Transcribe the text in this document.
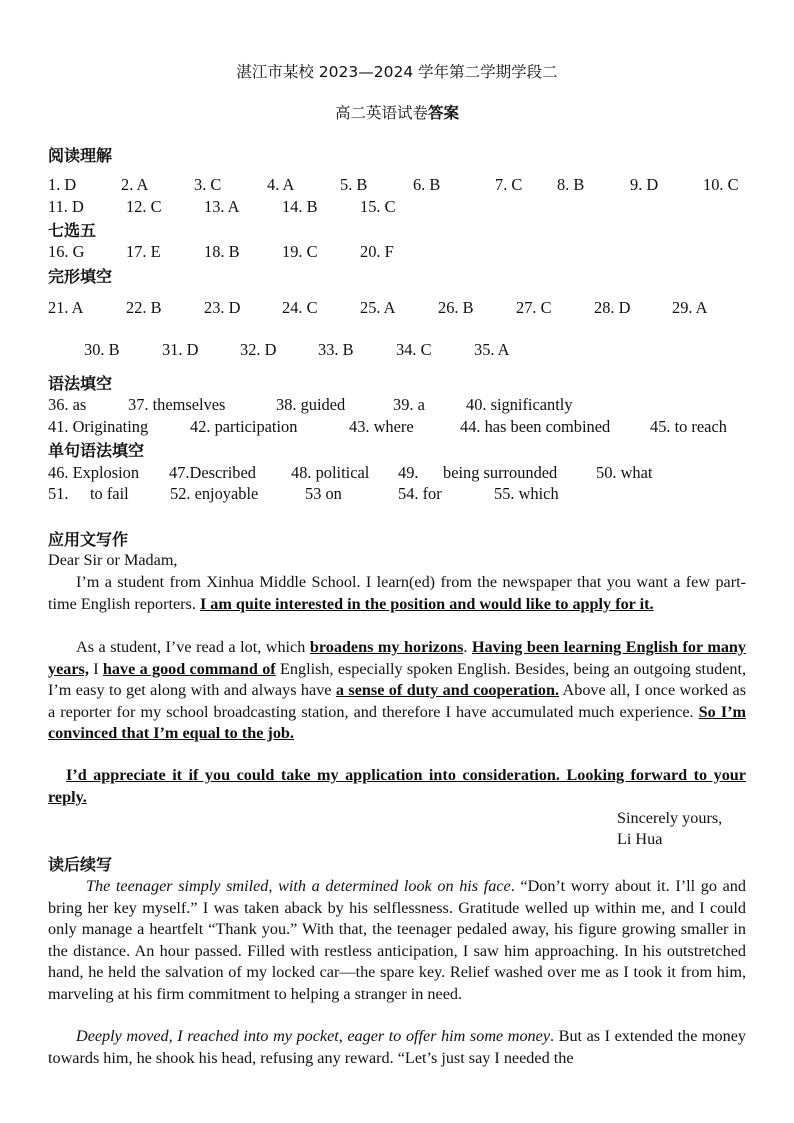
湛江市某校 2023—2024 学年第二学期学段二
高二英语试卷答案
阅读理解
1. D	2. A	3. C	4. A	5. B	6. B	7. C 8. B	9. D	10. C
11. D	12. C	13. A	14. B	15. C
七选五
16. G	17. E	18. B	19. C	20. F
完形填空
21. A	22. B	23. D	24. C	25. A	26. B	27. C	28. D	29. A
30. B	31. D	32. D	33. B	34. C	35. A
语法填空
36. as	37. themselves	38. guided	39. a	40. significantly
41. Originating	42. participation	43. where	44. has been combined 45. to reach
单句语法填空
46. Explosion 47.Described 48. political 49. being surrounded 50. what
51. to fail	52. enjoyable	53 on	54. for	55. which
应用文写作
Dear Sir or Madam,
I’m a student from Xinhua Middle School. I learn(ed) from the newspaper that you want a few part-time English reporters. I am quite interested in the position and would like to apply for it.
As a student, I’ve read a lot, which broadens my horizons. Having been learning English for many years, I have a good command of English, especially spoken English. Besides, being an outgoing student, I’m easy to get along with and always have a sense of duty and cooperation. Above all, I once worked as a reporter for my school broadcasting station, and therefore I have accumulated much experience. So I’m convinced that I’m equal to the job.
I’d appreciate it if you could take my application into consideration. Looking forward to your reply.
Sincerely yours,
Li Hua
读后续写
The teenager simply smiled, with a determined look on his face. “Don’t worry about it. I’ll go and bring her key myself.” I was taken aback by his selflessness. Gratitude welled up within me, and I could only manage a heartfelt “Thank you.” With that, the teenager pedaled away, his figure growing smaller in the distance. An hour passed. Filled with restless anticipation, I saw him approaching. In his outstretched hand, he held the salvation of my locked car—the spare key. Relief washed over me as I took it from him, marveling at his firm commitment to helping a stranger in need.
Deeply moved, I reached into my pocket, eager to offer him some money. But as I extended the money towards him, he shook his head, refusing any reward. “Let’s just say I needed the
